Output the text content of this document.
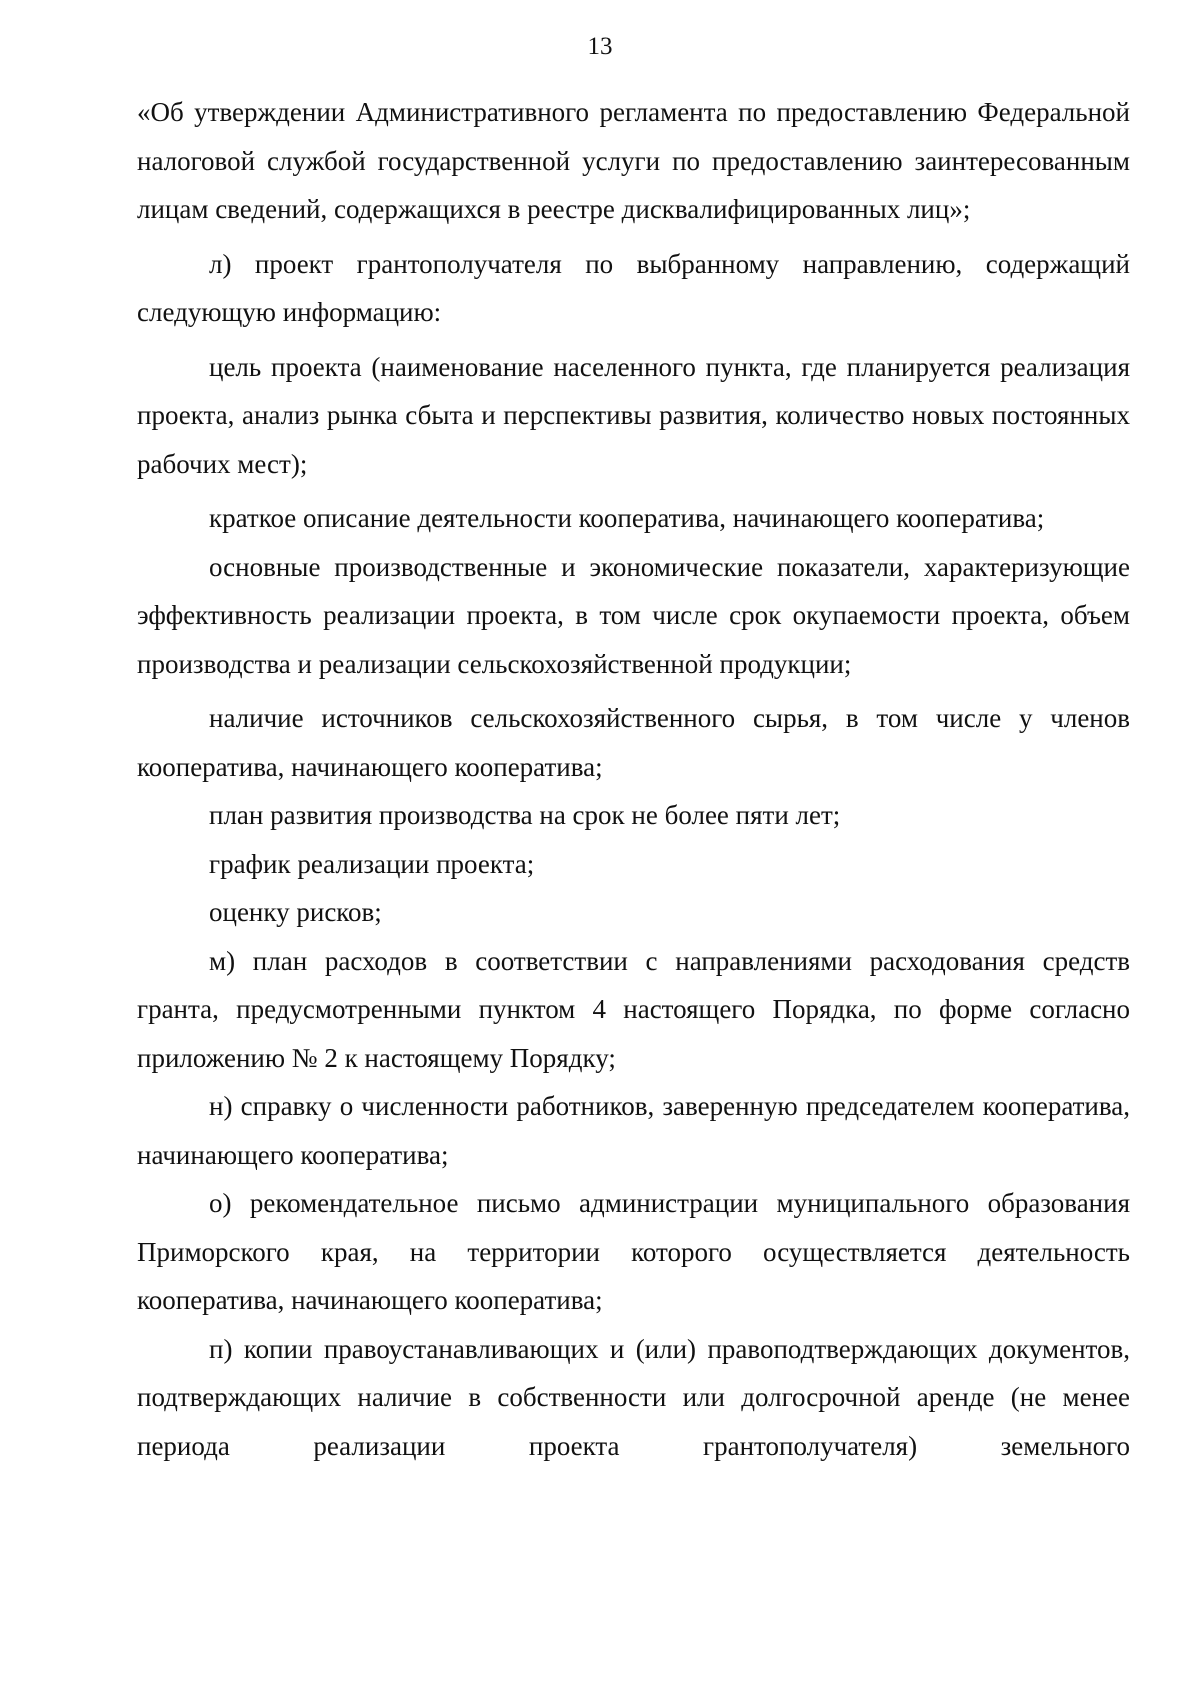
13

«Об утверждении Административного регламента по предоставлению Федеральной налоговой службой государственной услуги по предоставлению заинтересованным лицам сведений, содержащихся в реестре дисквалифицированных лиц»;

л) проект грантополучателя по выбранному направлению, содержащий следующую информацию:

цель проекта (наименование населенного пункта, где планируется реализация проекта, анализ рынка сбыта и перспективы развития, количество новых постоянных рабочих мест);

краткое описание деятельности кооператива, начинающего кооператива;

основные производственные и экономические показатели, характеризующие эффективность реализации проекта, в том числе срок окупаемости проекта, объем производства и реализации сельскохозяйственной продукции;

наличие источников сельскохозяйственного сырья, в том числе у членов кооператива, начинающего кооператива;

план развития производства на срок не более пяти лет;

график реализации проекта;

оценку рисков;

м) план расходов в соответствии с направлениями расходования средств гранта, предусмотренными пунктом 4 настоящего Порядка, по форме согласно приложению № 2 к настоящему Порядку;

н) справку о численности работников, заверенную председателем кооператива, начинающего кооператива;

о) рекомендательное письмо администрации муниципального образования Приморского края, на территории которого осуществляется деятельность кооператива, начинающего кооператива;

п) копии правоустанавливающих и (или) правоподтверждающих документов, подтверждающих наличие в собственности или долгосрочной аренде (не менее периода реализации проекта грантополучателя) земельного
